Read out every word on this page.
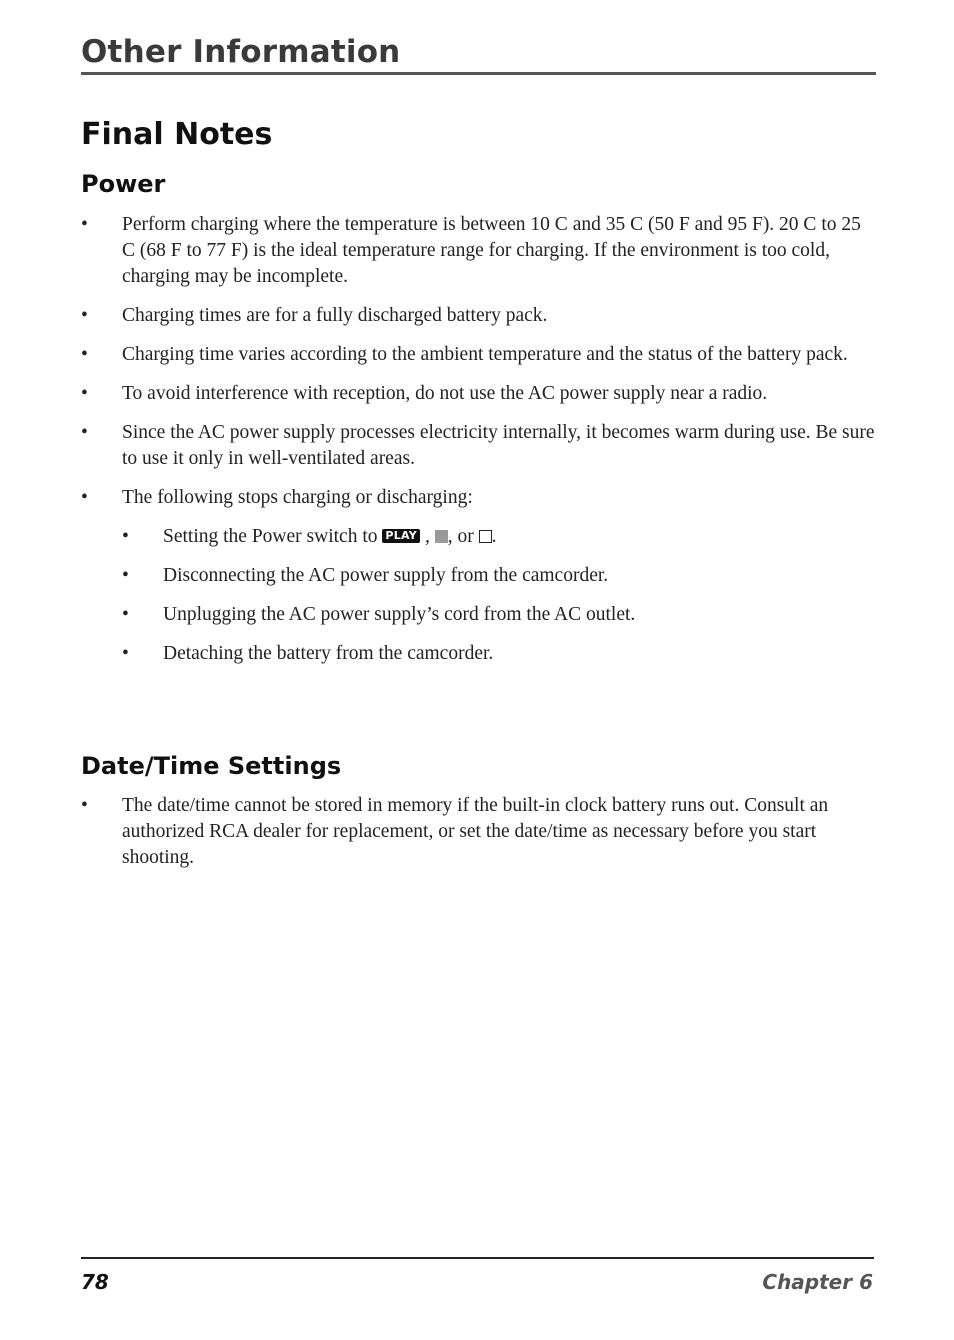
Other Information
Final Notes
Power
•	Perform charging where the temperature is between 10 C and 35 C (50 F and 95 F). 20 C to 25 C (68 F to 77 F) is the ideal temperature range for charging. If the environment is too cold, charging may be incomplete.
•	Charging times are for a fully discharged battery pack.
•	Charging time varies according to the ambient temperature and the status of the battery pack.
•	To avoid interference with reception, do not use the AC power supply near a radio.
•	Since the AC power supply processes electricity internally, it becomes warm during use. Be sure to use it only in well-ventilated areas.
•	The following stops charging or discharging:
•	Setting the Power switch to PLAY , , or .
•	Disconnecting the AC power supply from the camcorder.
•	Unplugging the AC power supply’s cord from the AC outlet.
•	Detaching the battery from the camcorder.
Date/Time Settings
•	The date/time cannot be stored in memory if the built-in clock battery runs out. Consult an authorized RCA dealer for replacement, or set the date/time as necessary before you start shooting.
78	Chapter 6
